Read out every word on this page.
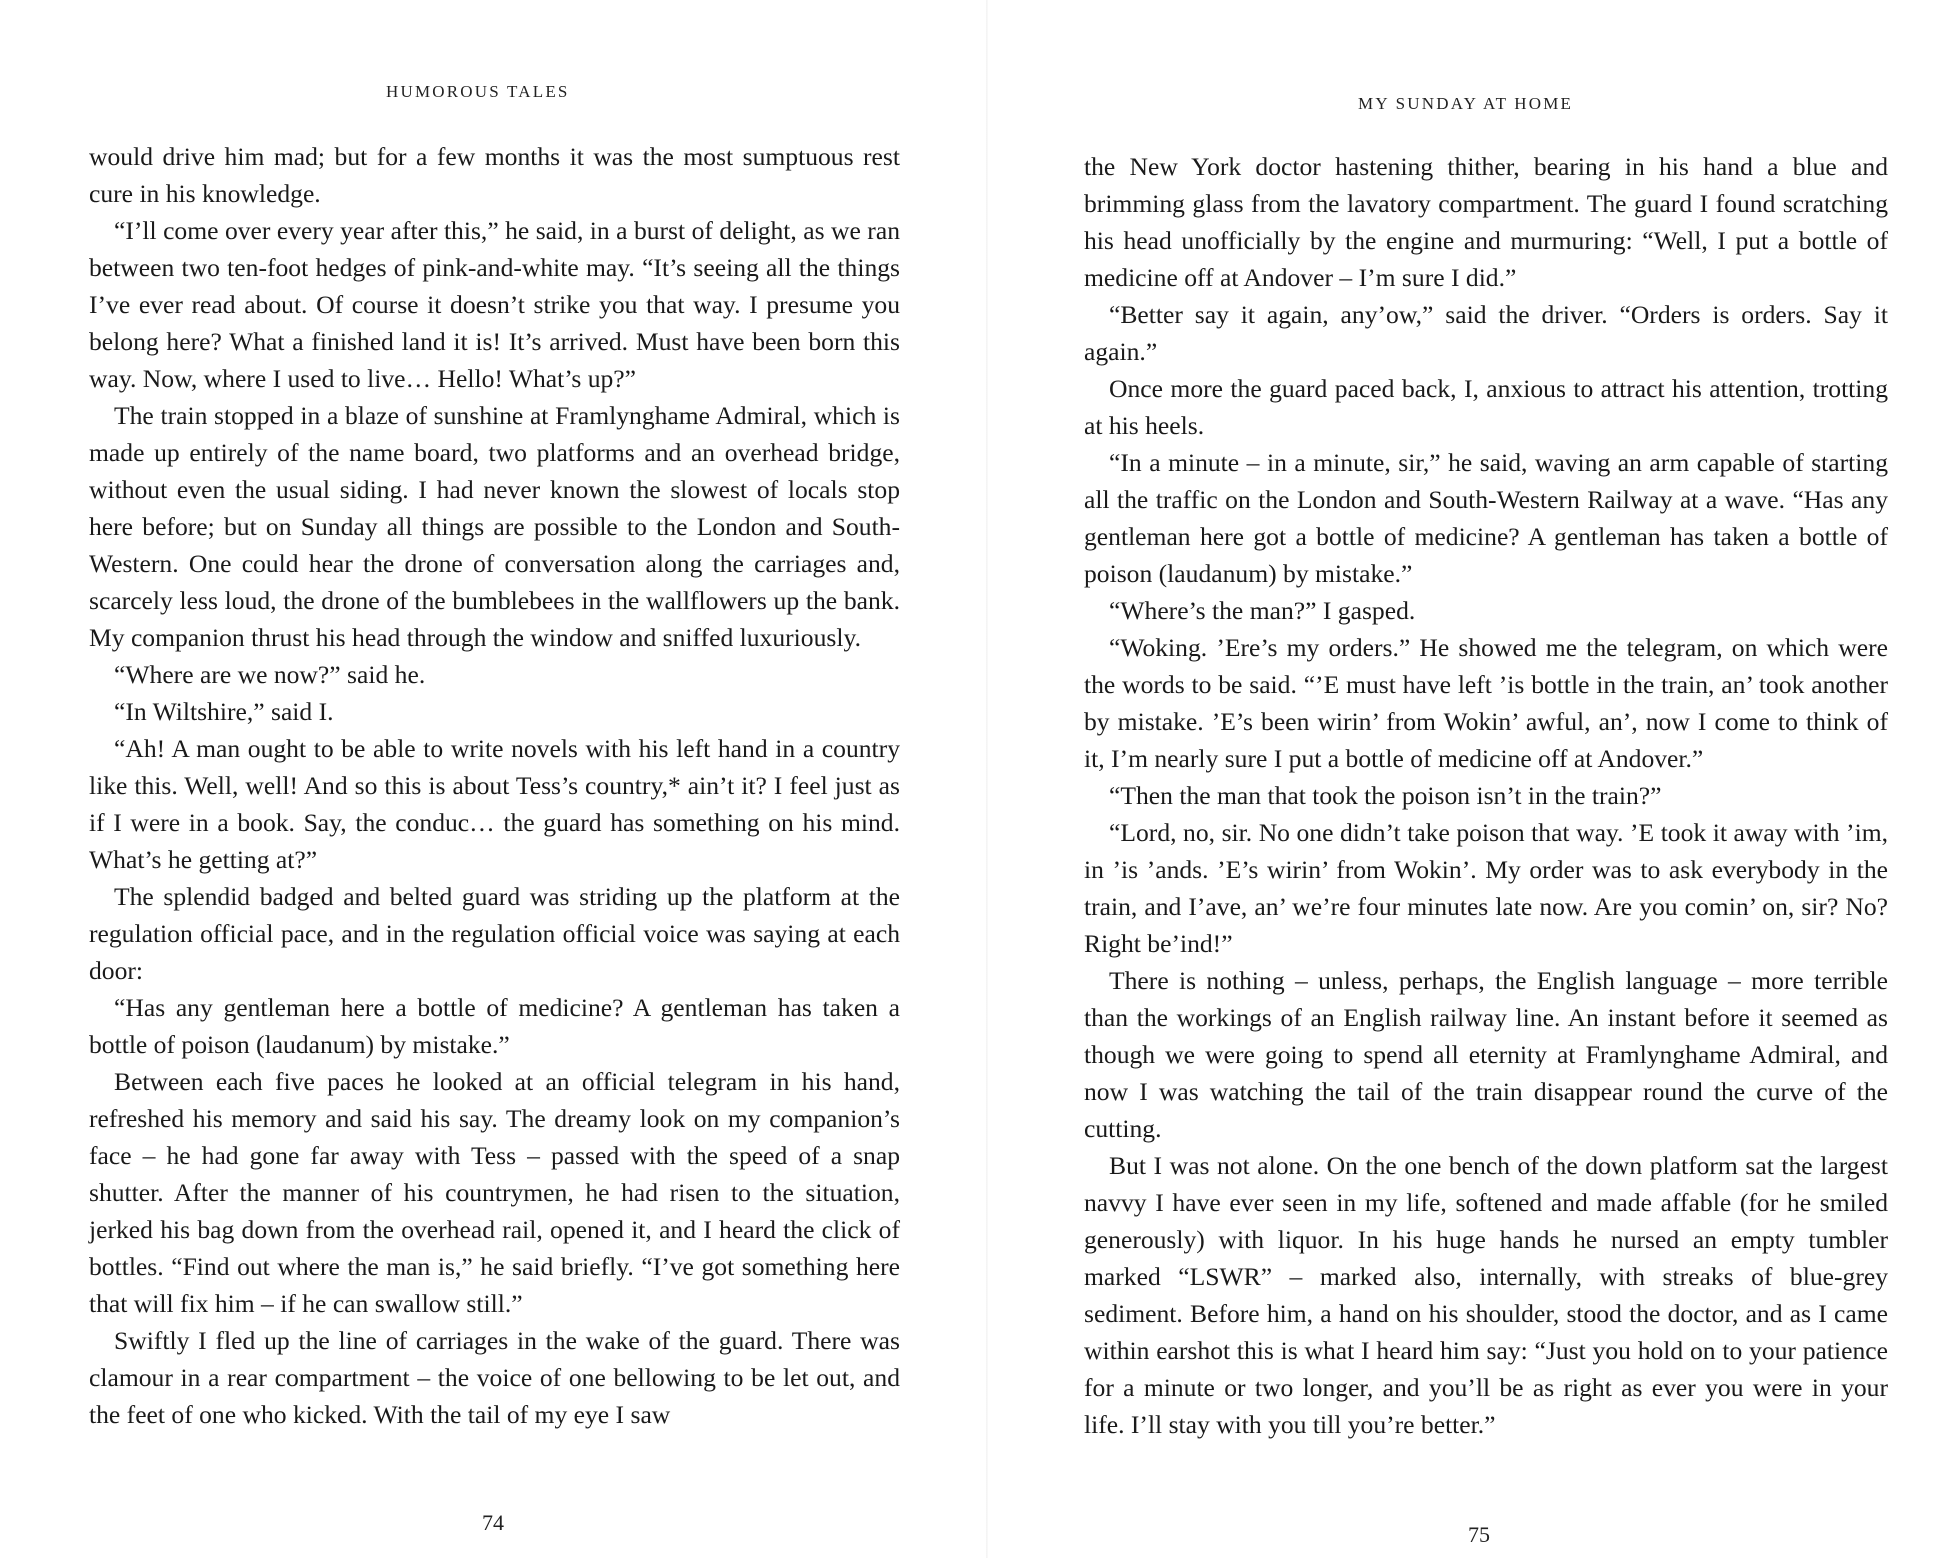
HUMOROUS TALES

would drive him mad; but for a few months it was the most sumptuous rest cure in his knowledge.

“I’ll come over every year after this,” he said, in a burst of delight, as we ran between two ten-foot hedges of pink-and-white may. “It’s seeing all the things I’ve ever read about. Of course it doesn’t strike you that way. I presume you belong here? What a finished land it is! It’s arrived. Must have been born this way. Now, where I used to live… Hello! What’s up?”

The train stopped in a blaze of sunshine at Framlynghame Admiral, which is made up entirely of the name board, two platforms and an overhead bridge, without even the usual siding. I had never known the slowest of locals stop here before; but on Sunday all things are possible to the London and South-Western. One could hear the drone of conversation along the carriages and, scarcely less loud, the drone of the bumblebees in the wallflowers up the bank. My companion thrust his head through the window and sniffed luxuriously.

“Where are we now?” said he.

“In Wiltshire,” said I.

“Ah! A man ought to be able to write novels with his left hand in a country like this. Well, well! And so this is about Tess’s country,* ain’t it? I feel just as if I were in a book. Say, the conduc… the guard has something on his mind. What’s he getting at?”

The splendid badged and belted guard was striding up the platform at the regulation official pace, and in the regulation official voice was saying at each door:

“Has any gentleman here a bottle of medicine? A gentleman has taken a bottle of poison (laudanum) by mistake.”

Between each five paces he looked at an official telegram in his hand, refreshed his memory and said his say. The dreamy look on my companion’s face – he had gone far away with Tess – passed with the speed of a snap shutter. After the manner of his countrymen, he had risen to the situation, jerked his bag down from the overhead rail, opened it, and I heard the click of bottles. “Find out where the man is,” he said briefly. “I’ve got something here that will fix him – if he can swallow still.”

Swiftly I fled up the line of carriages in the wake of the guard. There was clamour in a rear compartment – the voice of one bellowing to be let out, and the feet of one who kicked. With the tail of my eye I saw

74
MY SUNDAY AT HOME

the New York doctor hastening thither, bearing in his hand a blue and brimming glass from the lavatory compartment. The guard I found scratching his head unofficially by the engine and murmuring: “Well, I put a bottle of medicine off at Andover – I’m sure I did.”

“Better say it again, any’ow,” said the driver. “Orders is orders. Say it again.”

Once more the guard paced back, I, anxious to attract his attention, trotting at his heels.

“In a minute – in a minute, sir,” he said, waving an arm capable of starting all the traffic on the London and South-Western Railway at a wave. “Has any gentleman here got a bottle of medicine? A gentleman has taken a bottle of poison (laudanum) by mistake.”

“Where’s the man?” I gasped.

“Woking. ’Ere’s my orders.” He showed me the telegram, on which were the words to be said. “’E must have left ’is bottle in the train, an’ took another by mistake. ’E’s been wirin’ from Wokin’ awful, an’, now I come to think of it, I’m nearly sure I put a bottle of medicine off at Andover.”

“Then the man that took the poison isn’t in the train?”

“Lord, no, sir. No one didn’t take poison that way. ’E took it away with ’im, in ’is ’ands. ’E’s wirin’ from Wokin’. My order was to ask everybody in the train, and I’ave, an’ we’re four minutes late now. Are you comin’ on, sir? No? Right be’ind!”

There is nothing – unless, perhaps, the English language – more terrible than the workings of an English railway line. An instant before it seemed as though we were going to spend all eternity at Framlynghame Admiral, and now I was watching the tail of the train disappear round the curve of the cutting.

But I was not alone. On the one bench of the down platform sat the largest navvy I have ever seen in my life, softened and made affable (for he smiled generously) with liquor. In his huge hands he nursed an empty tumbler marked “LSWR” – marked also, internally, with streaks of blue-grey sediment. Before him, a hand on his shoulder, stood the doctor, and as I came within earshot this is what I heard him say: “Just you hold on to your patience for a minute or two longer, and you’ll be as right as ever you were in your life. I’ll stay with you till you’re better.”

75
